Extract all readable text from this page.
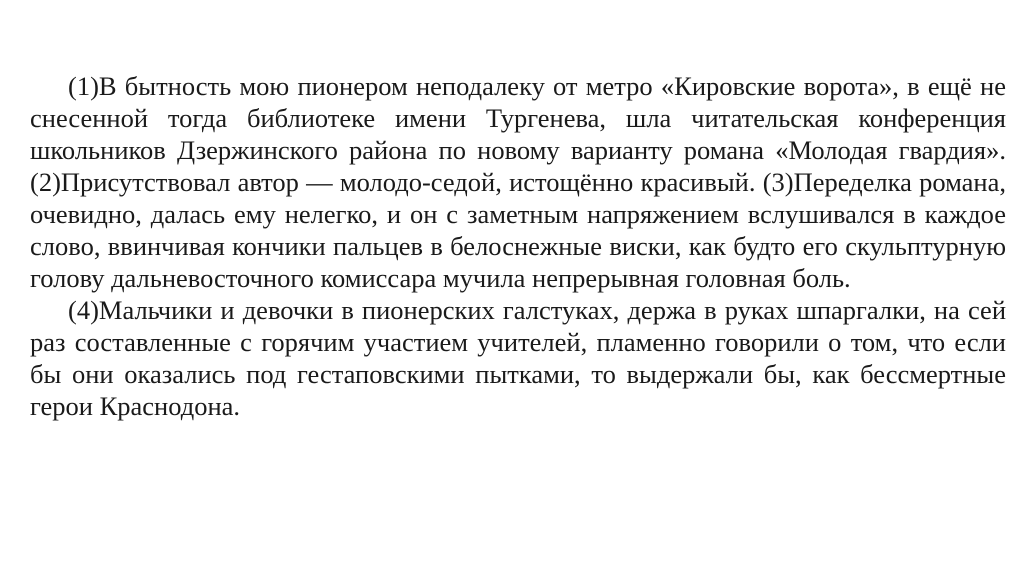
(1)В бытность мою пионером неподалеку от метро «Кировские ворота», в ещё не снесенной тогда библиотеке имени Тургенева, шла читательская конференция школьников Дзержинского района по новому варианту романа «Молодая гвардия». (2)Присутствовал автор — молодо-седой, истощённо красивый. (3)Переделка романа, очевидно, далась ему нелегко, и он с заметным напряжением вслушивался в каждое слово, ввинчивая кончики пальцев в белоснежные виски, как будто его скульптурную голову дальневосточного комиссара мучила непрерывная головная боль.

(4)Мальчики и девочки в пионерских галстуках, держа в руках шпаргалки, на сей раз составленные с горячим участием учителей, пламенно говорили о том, что если бы они оказались под гестаповскими пытками, то выдержали бы, как бессмертные герои Краснодона.
